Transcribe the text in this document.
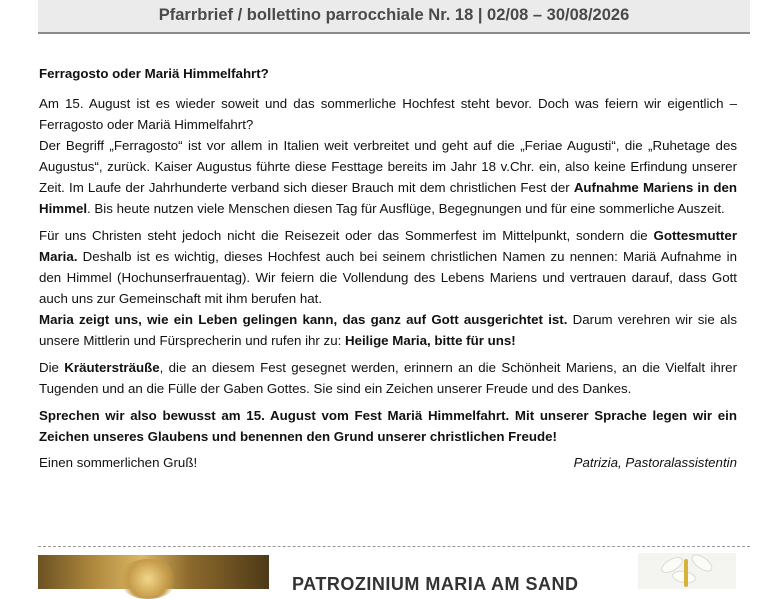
Pfarrbrief / bollettino parrocchiale Nr. 18 | 02/08 – 30/08/2026

Ferragosto oder Mariä Himmelfahrt?

Am 15. August ist es wieder soweit und das sommerliche Hochfest steht bevor. Doch was feiern wir eigentlich – Ferragosto oder Mariä Himmelfahrt?

Der Begriff „Ferragosto“ ist vor allem in Italien weit verbreitet und geht auf die „Feriae Augusti“, die „Ruhetage des Augustus“, zurück. Kaiser Augustus führte diese Festtage bereits im Jahr 18 v.Chr. ein, also keine Erfindung unserer Zeit. Im Laufe der Jahrhunderte verband sich dieser Brauch mit dem christlichen Fest der Aufnahme Mariens in den Himmel. Bis heute nutzen viele Menschen diesen Tag für Ausflüge, Begegnungen und für eine sommerliche Auszeit.

Für uns Christen steht jedoch nicht die Reisezeit oder das Sommerfest im Mittelpunkt, sondern die Gottesmutter Maria. Deshalb ist es wichtig, dieses Hochfest auch bei seinem christlichen Namen zu nennen: Mariä Aufnahme in den Himmel (Hochunserfrauentag). Wir feiern die Vollendung des Lebens Mariens und vertrauen darauf, dass Gott auch uns zur Gemeinschaft mit ihm berufen hat.

Maria zeigt uns, wie ein Leben gelingen kann, das ganz auf Gott ausgerichtet ist. Darum verehren wir sie als unsere Mittlerin und Fürsprecherin und rufen ihr zu: Heilige Maria, bitte für uns!

Die Kräutersträuße, die an diesem Fest gesegnet werden, erinnern an die Schönheit Mariens, an die Vielfalt ihrer Tugenden und an die Fülle der Gaben Gottes. Sie sind ein Zeichen unserer Freude und des Dankes.

Sprechen wir also bewusst am 15. August vom Fest Mariä Himmelfahrt. Mit unserer Sprache legen wir ein Zeichen unseres Glaubens und benennen den Grund unserer christlichen Freude!

Einen sommerlichen Gruß!	Patrizia, Pastoralassistentin

PATROZINIUM MARIA AM SAND
